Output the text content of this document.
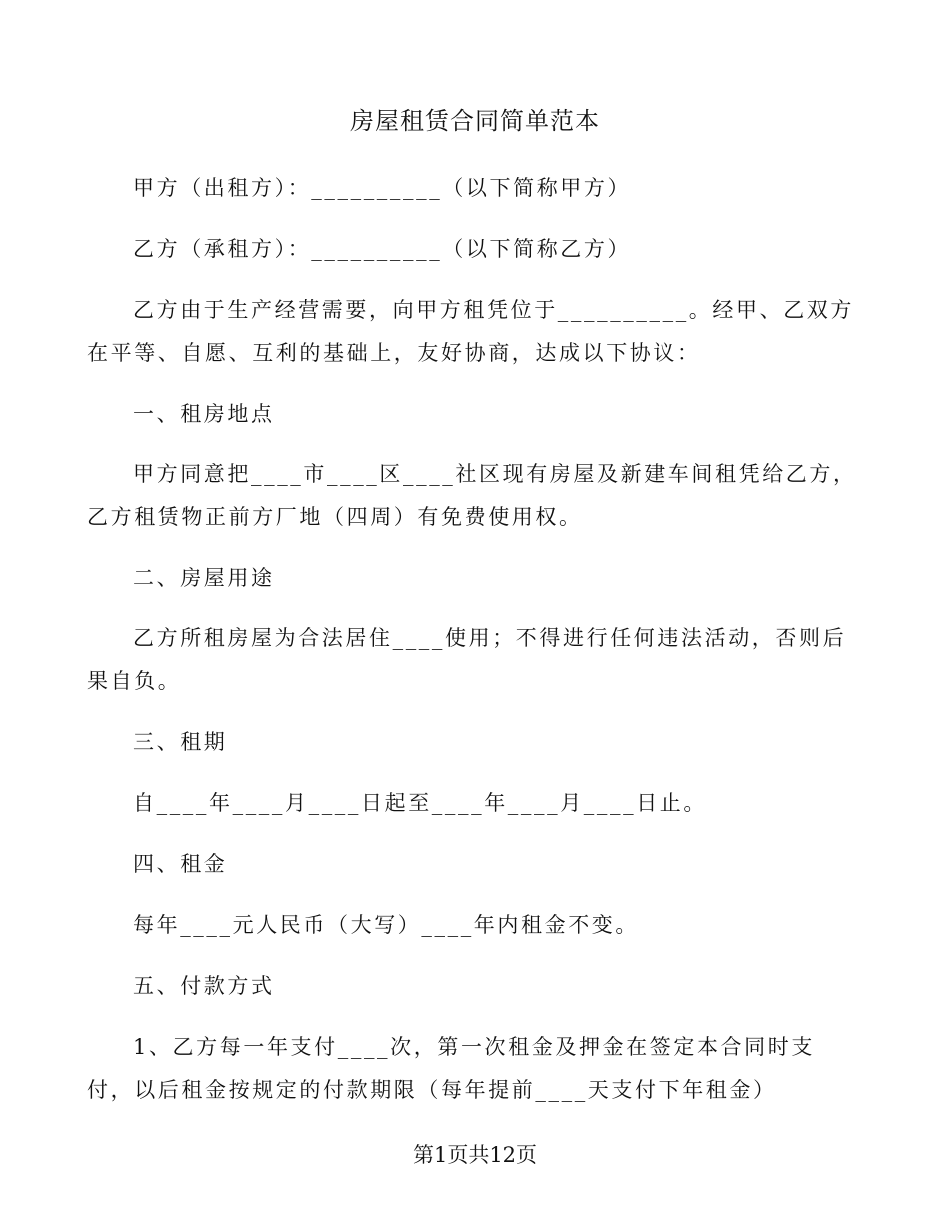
房屋租赁合同简单范本
甲方（出租方）：__________（以下简称甲方）
乙方（承租方）：__________（以下简称乙方）
乙方由于生产经营需要，向甲方租凭位于__________。经甲、乙双方在平等、自愿、互利的基础上，友好协商，达成以下协议：
一、租房地点
甲方同意把____市____区____社区现有房屋及新建车间租凭给乙方，乙方租赁物正前方厂地（四周）有免费使用权。
二、房屋用途
乙方所租房屋为合法居住____使用；不得进行任何违法活动，否则后果自负。
三、租期
自____年____月____日起至____年____月____日止。
四、租金
每年____元人民币（大写）____年内租金不变。
五、付款方式
1、乙方每一年支付____次，第一次租金及押金在签定本合同时支付，以后租金按规定的付款期限（每年提前____天支付下年租金）
第1页共12页
